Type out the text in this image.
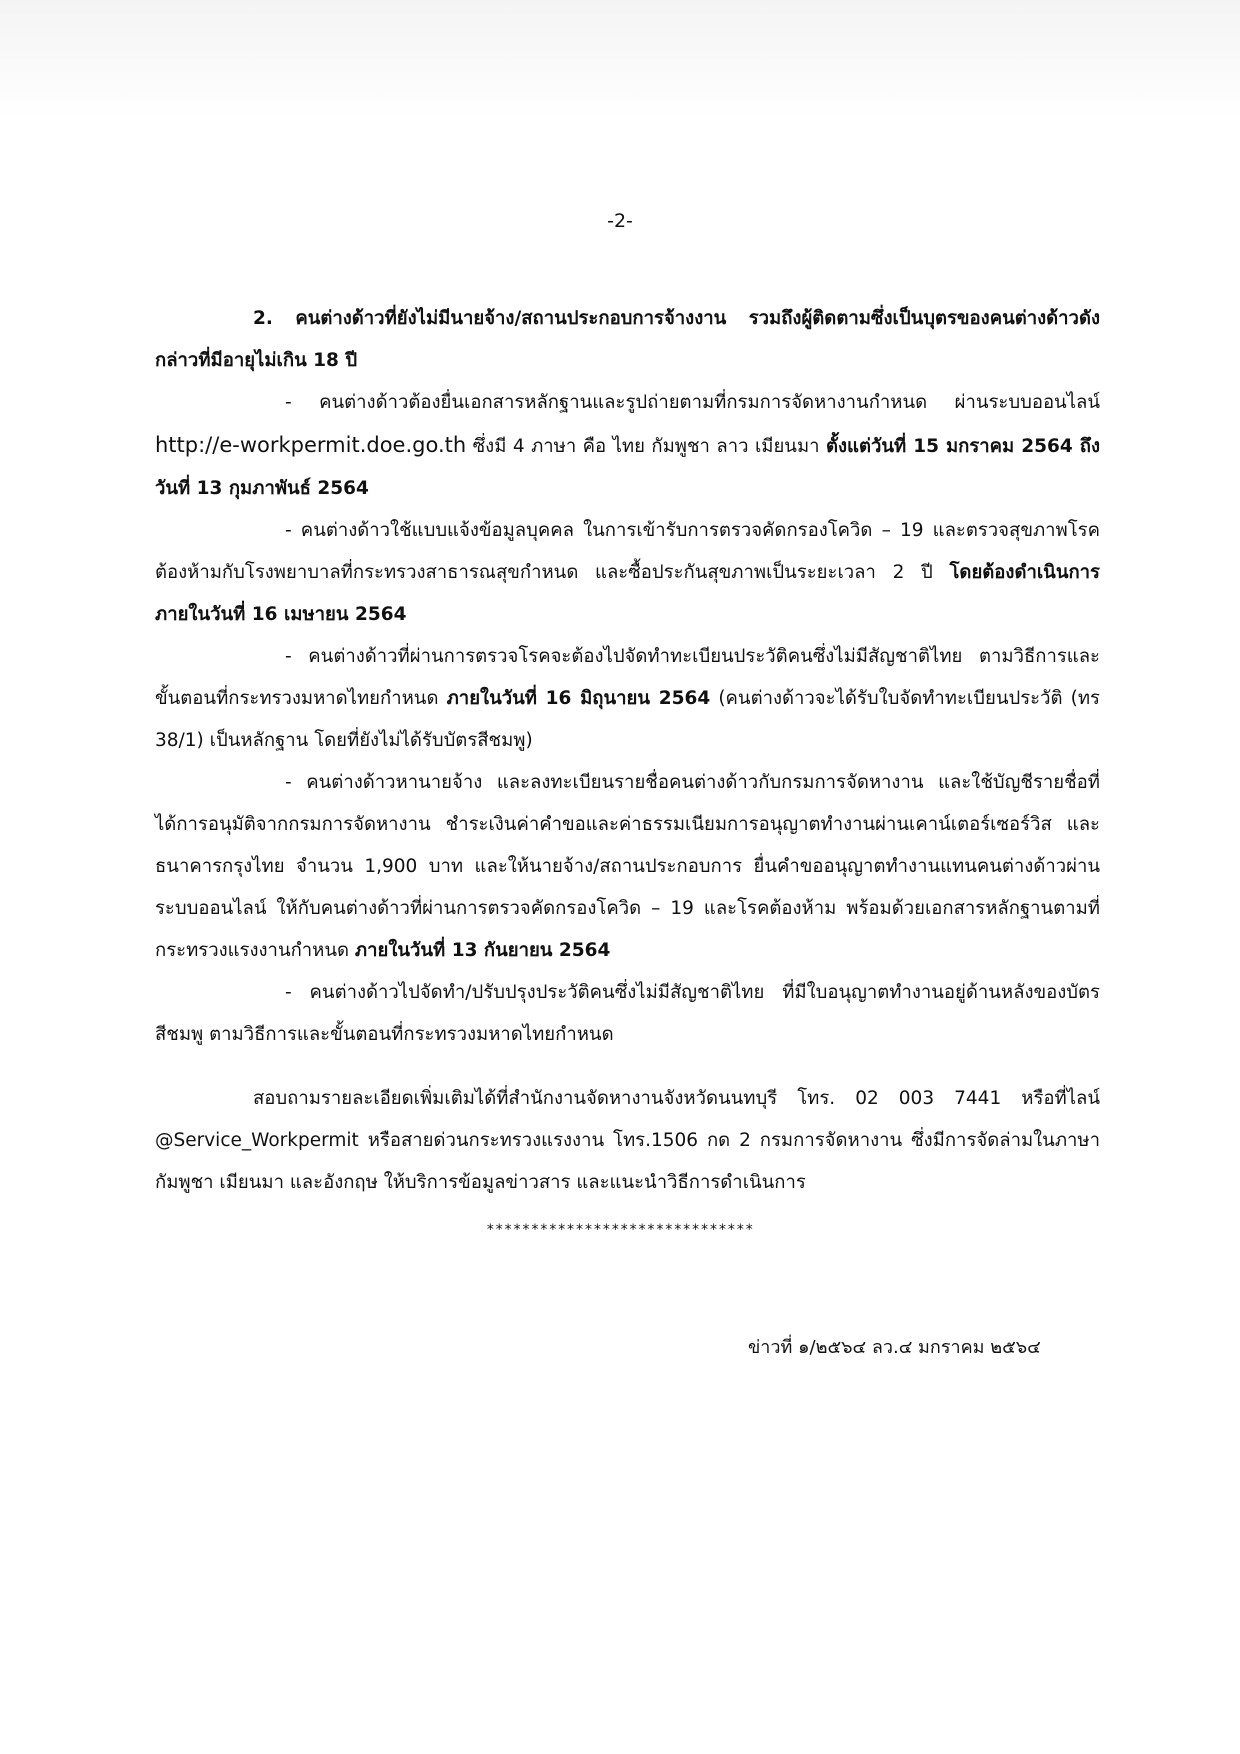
-2-

2. คนต่างด้าวที่ยังไม่มีนายจ้าง/สถานประกอบการจ้างงาน รวมถึงผู้ติดตามซึ่งเป็นบุตรของคนต่างด้าวดังกล่าวที่มีอายุไม่เกิน 18 ปี

- คนต่างด้าวต้องยื่นเอกสารหลักฐานและรูปถ่ายตามที่กรมการจัดหางานกำหนด ผ่านระบบออนไลน์ http://e-workpermit.doe.go.th ซึ่งมี 4 ภาษา คือ ไทย กัมพูชา ลาว เมียนมา ตั้งแต่วันที่ 15 มกราคม 2564 ถึงวันที่ 13 กุมภาพันธ์ 2564

- คนต่างด้าวใช้แบบแจ้งข้อมูลบุคคล ในการเข้ารับการตรวจคัดกรองโควิด – 19 และตรวจสุขภาพโรคต้องห้ามกับโรงพยาบาลที่กระทรวงสาธารณสุขกำหนด และซื้อประกันสุขภาพเป็นระยะเวลา 2 ปี โดยต้องดำเนินการภายในวันที่ 16 เมษายน 2564

- คนต่างด้าวที่ผ่านการตรวจโรคจะต้องไปจัดทำทะเบียนประวัติคนซึ่งไม่มีสัญชาติไทย ตามวิธีการและขั้นตอนที่กระทรวงมหาดไทยกำหนด ภายในวันที่ 16 มิถุนายน 2564 (คนต่างด้าวจะได้รับใบจัดทำทะเบียนประวัติ (ทร 38/1) เป็นหลักฐาน โดยที่ยังไม่ได้รับบัตรสีชมพู)

- คนต่างด้าวหานายจ้าง และลงทะเบียนรายชื่อคนต่างด้าวกับกรมการจัดหางาน และใช้บัญชีรายชื่อที่ได้การอนุมัติจากกรมการจัดหางาน ชำระเงินค่าคำขอและค่าธรรมเนียมการอนุญาตทำงานผ่านเคาน์เตอร์เซอร์วิส และธนาคารกรุงไทย จำนวน 1,900 บาท และให้นายจ้าง/สถานประกอบการ ยื่นคำขออนุญาตทำงานแทนคนต่างด้าวผ่านระบบออนไลน์ ให้กับคนต่างด้าวที่ผ่านการตรวจคัดกรองโควิด – 19 และโรคต้องห้าม พร้อมด้วยเอกสารหลักฐานตามที่กระทรวงแรงงานกำหนด ภายในวันที่ 13 กันยายน 2564

- คนต่างด้าวไปจัดทำ/ปรับปรุงประวัติคนซึ่งไม่มีสัญชาติไทย ที่มีใบอนุญาตทำงานอยู่ด้านหลังของบัตรสีชมพู ตามวิธีการและขั้นตอนที่กระทรวงมหาดไทยกำหนด

สอบถามรายละเอียดเพิ่มเติมได้ที่สำนักงานจัดหางานจังหวัดนนทบุรี โทร. 02 003 7441 หรือที่ไลน์ @Service_Workpermit หรือสายด่วนกระทรวงแรงงาน โทร.1506 กด 2 กรมการจัดหางาน ซึ่งมีการจัดล่ามในภาษากัมพูชา เมียนมา และอังกฤษ ให้บริการข้อมูลข่าวสาร และแนะนำวิธีการดำเนินการ

******************************
ข่าวที่ ๑/๒๕๖๔ ลว.๔ มกราคม ๒๕๖๔
